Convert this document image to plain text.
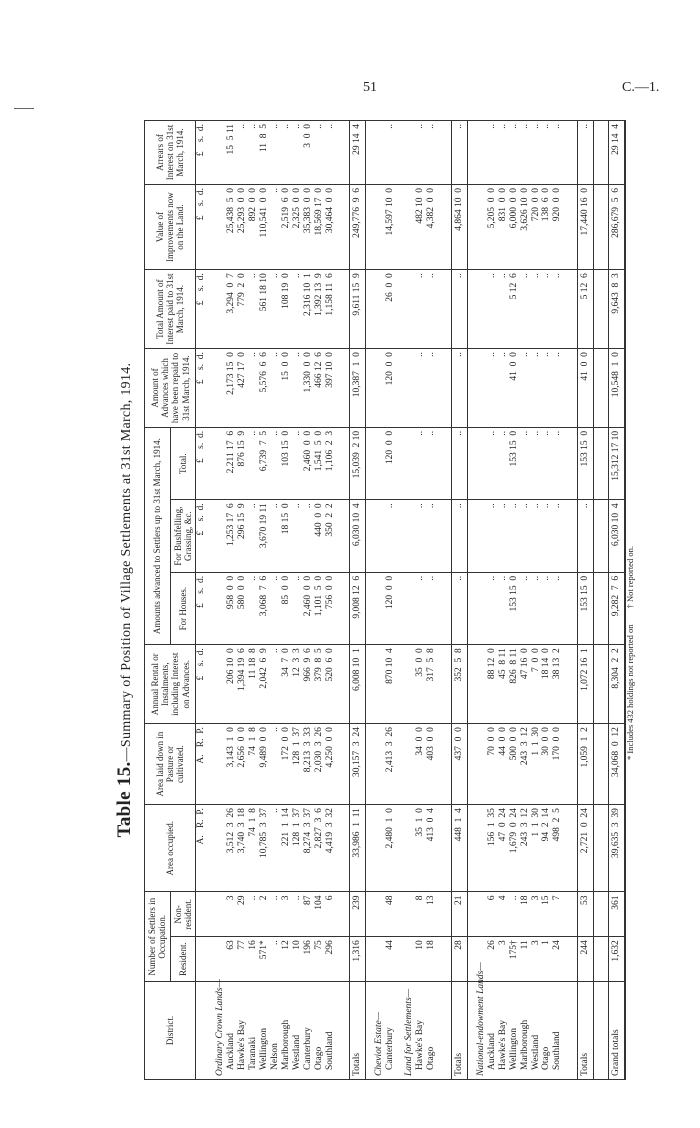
51	C.—1.
Table 15.—Summary of Position of Village Settlements at 31st March, 1914.
District.	Number of Settlers in Occupation.		Area occupied.	Area laid down in Pasture or cultivated.	Annual Rental or Instalments, including Interest on Advances.	Amounts advanced to Settlers up to 31st March, 1914.			Amount of Advances which have been repaid to 31st March, 1914.	Total Amount of Interest paid to 31st March, 1914.	Value of Improvements now on the Land.	Arrears of Interest on 31st March, 1914.
	Resident.	Non-resident.				For Houses.	For Bushfelling, Grassing, &c.	Total.				
			A.   R.  P.	A.   R.  P.	£    s.  d.	£    s.  d.	£    s.  d.	£    s.  d.	£    s.  d.	£    s.  d.	£    s.  d.	£    s.  d.
Ordinary Crown Lands—												
Auckland	63	3	3,512  3  26	3,143  1  0	206 10  0	958  0  0	1,253 17  6	2,211 17  6	2,173 15  0	3,294  0  7	25,438  5  0	15  5 11
Hawke's Bay	77	29	3,740  3  18	2,656  0  0	1,394 19  6	580  0  0	296 15  9	876 15  9	427 17  0	779  2  0	25,293  0  0	..
Taranaki	16	..	74  1  8	74  1  8	11 18  8	..	..	..	..	..	892  0  0	..
Wellington	571*	2	10,785  3  37	9,489  0  0	2,042  6  9	3,068  7  6	3,670 19 11	6,739  7  5	5,576  6  6	561 18 10	110,541  0  0	11  8  5
Nelson	..	..	..	..	..	..	..	..	..	..	..	..
Marlborough	12	3	221  1  14	172  0  0	34  7  0	85  0  0	18 15  0	103 15  0	15  0  0	108 19  0	2,519  6  0	..
Westland	10	..	128  1  37	128  1  37	12  3  3	..	..	..	..	..	2,325  0  0	..
Canterbury	196	87	8,274  3  37	8,213  3  33	966  9  6	2,460  0  0	..	2,460  0  0	1,330  0  0	2,316 10  1	35,383  0  0	3  0  0
Otago	75	104	2,827  3  6	2,030  3  26	379  8  5	1,101  5  0	440  0  0	1,541  5  0	466 12  6	1,392 13  9	18,569 17  0	..
Southland	296	6	4,419  3  32	4,250  0  0	520  6  0	756  0  0	350  2  2	1,106  2  3	397 10  0	1,158 11  6	30,464  0  0	..

Totals	1,316	239	33,986  1  11	30,157  3  24	6,008 10  1	9,008 12  6	6,030 10  4	15,039  2 10	10,387  1  0	9,611 15  9	249,776  9  6	29 14  4
Cheviot Estate—												
Canterbury	44	48	2,480  1  0	2,413  3  26	870 10  4	120  0  0	..	120  0  0	120  0  0	26  0  0	14,597 10  0	..
Land for Settlements—												
Hawke's Bay	10	8	35  1  0	34  0  0	35  0  0	..	..	..	..	..	482 10  0	..
Otago	18	13	413  0  4	403  0  0	317  5  8	..	..	..	..	..	4,382  0  0	..

Totals	28	21	448  1  4	437  0  0	352  5  8	..	..	..	..	..	4,864 10  0	..
National-endowment Lands—												
Auckland	26	6	156  1  35	70  0  0	88 12  0	..	..	..	..	..	5,205  0  0	..
Hawke's Bay	3	4	47  0  24	44  0  0	45  8 11	..	..	..	..	..	831  0  0	..
Wellington	175†	..	1,679  0  24	500  0  0	826  8 11	153 15  0	..	153 15  0	41  0  0	5 12  6	6,000  0  0	..
Marlborough	11	18	243  3  12	243  3  12	47 16  0	..	..	..	..	..	3,626 10  0	..
Westland	3	3	1  1  30	1  1  30	7  0  0	..	..	..	..	..	720  0  0	..
Otago	1	15	94  2  14	30  0  0	18 14  0	..	..	..	..	..	138  6  0	..
Southland	24	7	498  2  5	170  0  0	38 13  2	..	..	..	..	..	920  0  0	..

Totals	244	53	2,721  0  24	1,059  1  2	1,072 16  1	153 15  0	..	153 15  0	41  0  0	5 12  6	17,440 16  0	..

Grand totals	1,632	361	39,635  3  39	34,068  0  12	8,304  2  2	9,282  7  6	6,030 10  4	15,312 17 10	10,548  1  0	9,643  8  3	286,679  5  6	29 14  4
* Includes 432 holdings not reported on † Not reported on.
